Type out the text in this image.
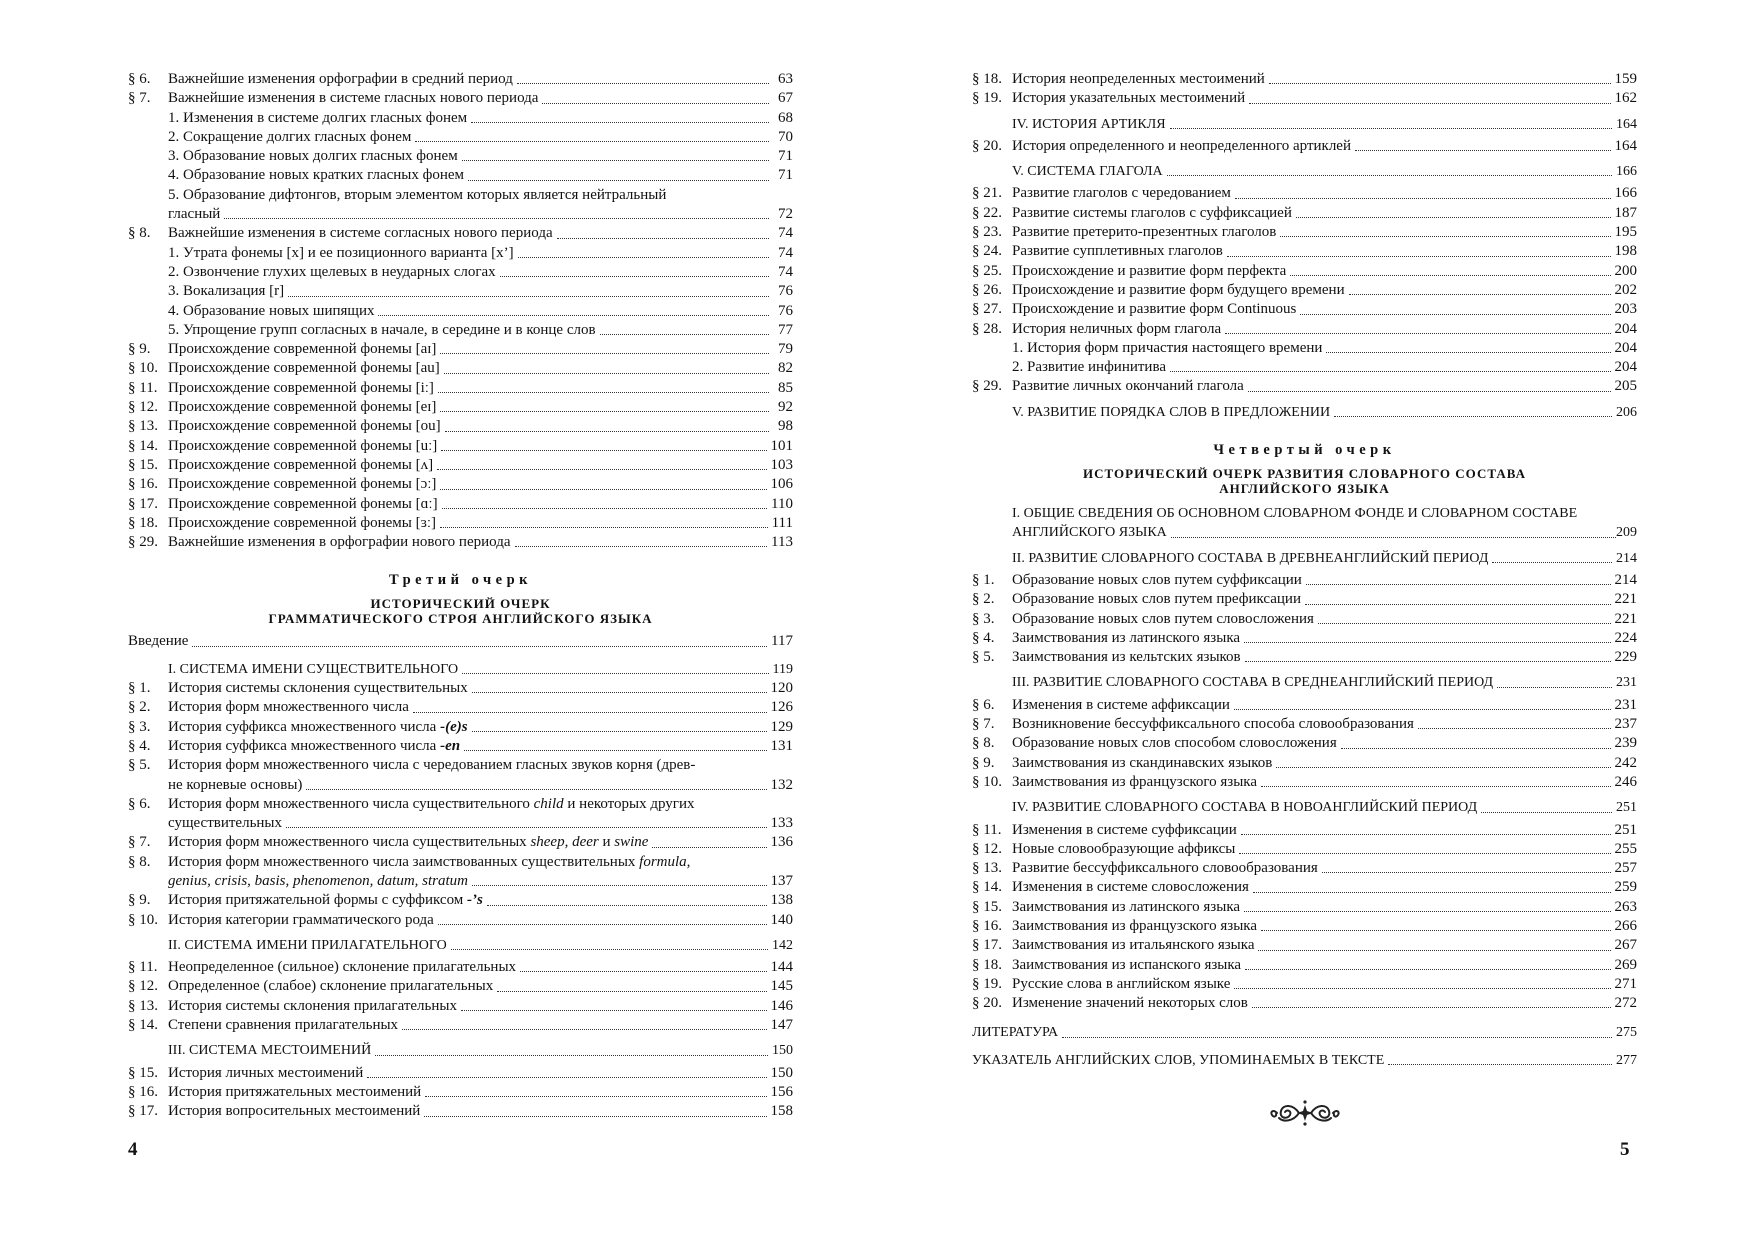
§ 6. Важнейшие изменения орфографии в средний период	63
§ 7. Важнейшие изменения в системе гласных нового периода	67
1. Изменения в системе долгих гласных фонем	68
2. Сокращение долгих гласных фонем	70
3. Образование новых долгих гласных фонем	71
4. Образование новых кратких гласных фонем	71
5. Образование дифтонгов, вторым элементом которых является нейтральный
гласный	72
§ 8. Важнейшие изменения в системе согласных нового периода	74
1. Утрата фонемы [x] и ее позиционного варианта [x’]	74
2. Озвончение глухих щелевых в неударных слогах	74
3. Вокализация [r]	76
4. Образование новых шипящих	76
5. Упрощение групп согласных в начале, в середине и в конце слов	77
§ 9. Происхождение современной фонемы [aɪ]	79
§ 10. Происхождение современной фонемы [au]	82
§ 11. Происхождение современной фонемы [iː]	85
§ 12. Происхождение современной фонемы [eɪ]	92
§ 13. Происхождение современной фонемы [ou]	98
§ 14. Происхождение современной фонемы [uː]	101
§ 15. Происхождение современной фонемы [ʌ]	103
§ 16. Происхождение современной фонемы [ɔː]	106
§ 17. Происхождение современной фонемы [ɑː]	110
§ 18. Происхождение современной фонемы [ɜː]	111
§ 29. Важнейшие изменения в орфографии нового периода	113
Третий очерк
ИСТОРИЧЕСКИЙ ОЧЕРК
ГРАММАТИЧЕСКОГО СТРОЯ АНГЛИЙСКОГО ЯЗЫКА
Введение	117
I. СИСТЕМА ИМЕНИ СУЩЕСТВИТЕЛЬНОГО	119
§ 1. История системы склонения существительных	120
§ 2. История форм множественного числа	126
§ 3. История суффикса множественного числа -(e)s	129
§ 4. История суффикса множественного числа -en	131
§ 5. История форм множественного числа с чередованием гласных звуков корня (древ-
не корневые основы)	132
§ 6. История форм множественного числа существительного child и некоторых других
существительных	133
§ 7. История форм множественного числа существительных sheep, deer и swine	136
§ 8. История форм множественного числа заимствованных существительных formula,
genius, crisis, basis, phenomenon, datum, stratum	137
§ 9. История притяжательной формы с суффиксом -’s	138
§ 10. История категории грамматического рода	140
II. СИСТЕМА ИМЕНИ ПРИЛАГАТЕЛЬНОГО	142
§ 11. Неопределенное (сильное) склонение прилагательных	144
§ 12. Определенное (слабое) склонение прилагательных	145
§ 13. История системы склонения прилагательных	146
§ 14. Степени сравнения прилагательных	147
III. СИСТЕМА МЕСТОИМЕНИЙ	150
§ 15. История личных местоимений	150
§ 16. История притяжательных местоимений	156
§ 17. История вопросительных местоимений	158
4
§ 18. История неопределенных местоимений	159
§ 19. История указательных местоимений	162
IV. ИСТОРИЯ АРТИКЛЯ	164
§ 20. История определенного и неопределенного артиклей	164
V. СИСТЕМА ГЛАГОЛА	166
§ 21. Развитие глаголов с чередованием	166
§ 22. Развитие системы глаголов с суффиксацией	187
§ 23. Развитие претерито-презентных глаголов	195
§ 24. Развитие супплетивных глаголов	198
§ 25. Происхождение и развитие форм перфекта	200
§ 26. Происхождение и развитие форм будущего времени	202
§ 27. Происхождение и развитие форм Continuous	203
§ 28. История неличных форм глагола	204
1. История форм причастия настоящего времени	204
2. Развитие инфинитива	204
§ 29. Развитие личных окончаний глагола	205
V. РАЗВИТИЕ ПОРЯДКА СЛОВ В ПРЕДЛОЖЕНИИ	206
Четвертый очерк
ИСТОРИЧЕСКИЙ ОЧЕРК РАЗВИТИЯ СЛОВАРНОГО СОСТАВА
АНГЛИЙСКОГО ЯЗЫКА
I. ОБЩИЕ СВЕДЕНИЯ ОБ ОСНОВНОМ СЛОВАРНОМ ФОНДЕ И СЛОВАРНОМ СОСТАВЕ
АНГЛИЙСКОГО ЯЗЫКА	209
II. РАЗВИТИЕ СЛОВАРНОГО СОСТАВА В ДРЕВНЕАНГЛИЙСКИЙ ПЕРИОД	214
§ 1. Образование новых слов путем суффиксации	214
§ 2. Образование новых слов путем префиксации	221
§ 3. Образование новых слов путем словосложения	221
§ 4. Заимствования из латинского языка	224
§ 5. Заимствования из кельтских языков	229
III. РАЗВИТИЕ СЛОВАРНОГО СОСТАВА В СРЕДНЕАНГЛИЙСКИЙ ПЕРИОД	231
§ 6. Изменения в системе аффиксации	231
§ 7. Возникновение бессуффиксального способа словообразования	237
§ 8. Образование новых слов способом словосложения	239
§ 9. Заимствования из скандинавских языков	242
§ 10. Заимствования из французского языка	246
IV. РАЗВИТИЕ СЛОВАРНОГО СОСТАВА В НОВОАНГЛИЙСКИЙ ПЕРИОД	251
§ 11. Изменения в системе суффиксации	251
§ 12. Новые словообразующие аффиксы	255
§ 13. Развитие бессуффиксального словообразования	257
§ 14. Изменения в системе словосложения	259
§ 15. Заимствования из латинского языка	263
§ 16. Заимствования из французского языка	266
§ 17. Заимствования из итальянского языка	267
§ 18. Заимствования из испанского языка	269
§ 19. Русские слова в английском языке	271
§ 20. Изменение значений некоторых слов	272
ЛИТЕРАТУРА	275
УКАЗАТЕЛЬ АНГЛИЙСКИХ СЛОВ, УПОМИНАЕМЫХ В ТЕКСТЕ	277
5
